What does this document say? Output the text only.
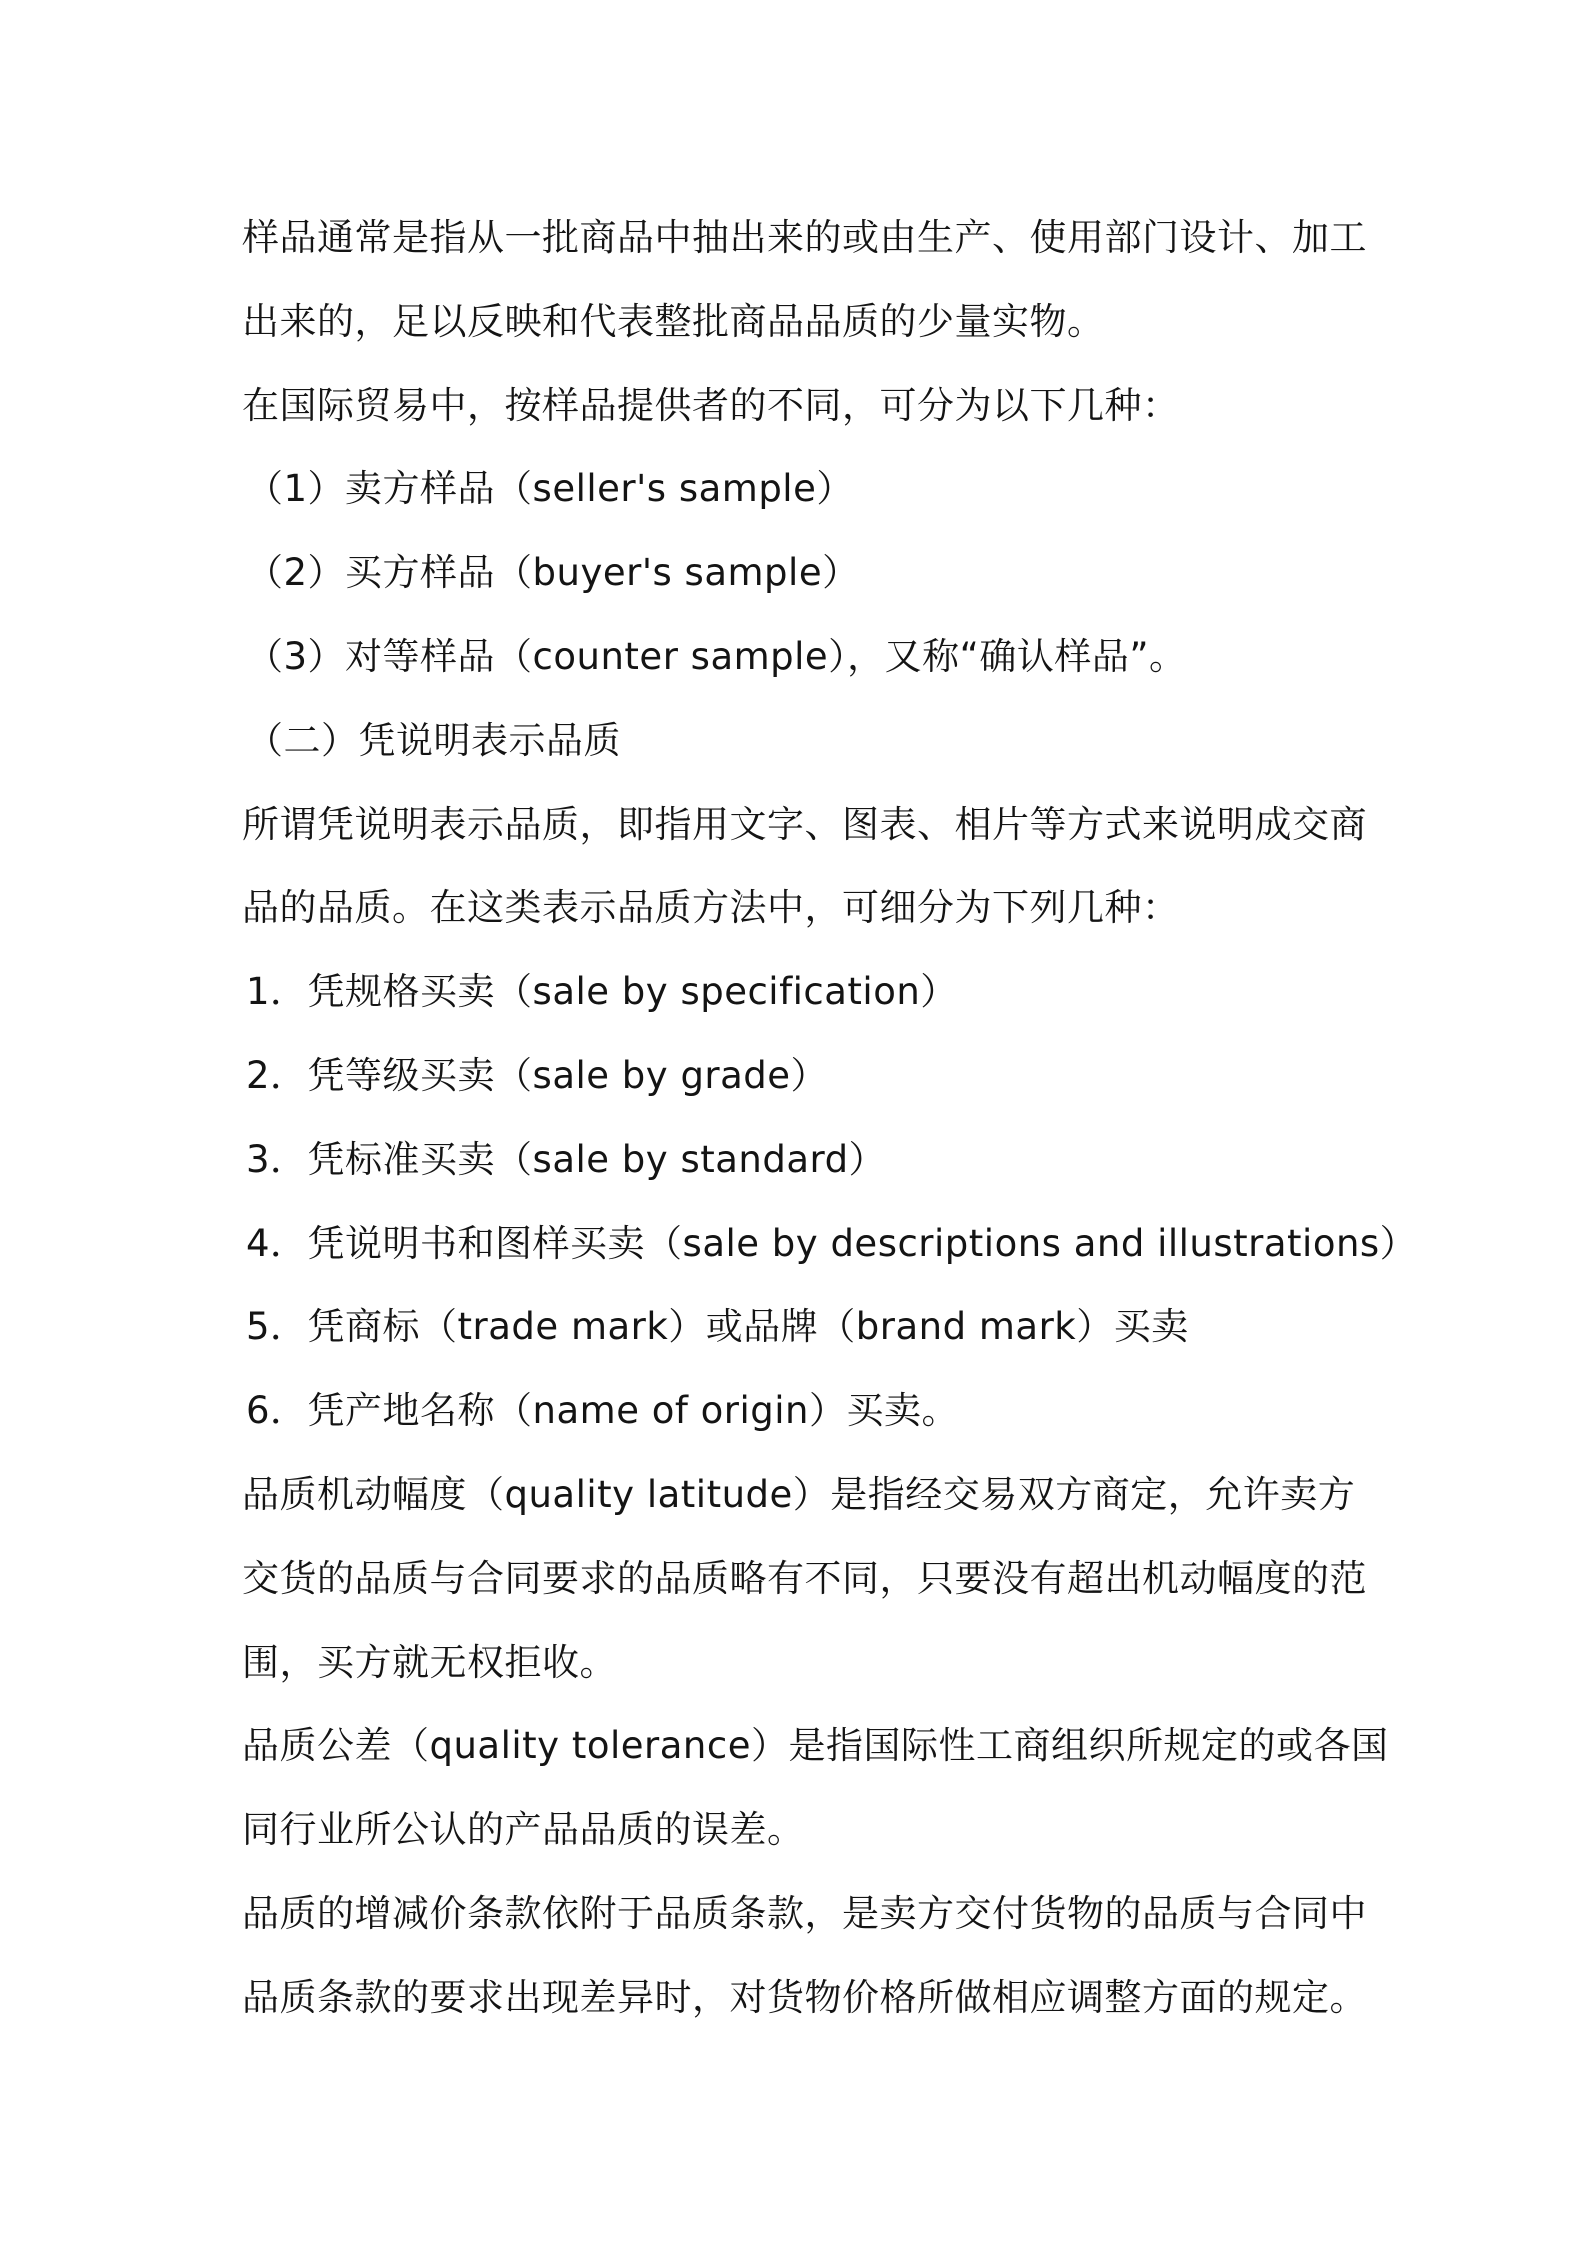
样品通常是指从一批商品中抽出来的或由生产、使用部门设计、加工
出来的，足以反映和代表整批商品品质的少量实物。
在国际贸易中，按样品提供者的不同，可分为以下几种：
（1）卖方样品（seller's sample）
（2）买方样品（buyer's sample）
（3）对等样品（counter sample），又称“确认样品”。
（二）凭说明表示品质
所谓凭说明表示品质，即指用文字、图表、相片等方式来说明成交商
品的品质。在这类表示品质方法中，可细分为下列几种：
1．凭规格买卖（sale by specification）
2．凭等级买卖（sale by grade）
3．凭标准买卖（sale by standard）
4．凭说明书和图样买卖（sale by descriptions and illustrations）
5．凭商标（trade mark）或品牌（brand mark）买卖
6．凭产地名称（name of origin）买卖。
品质机动幅度（quality latitude）是指经交易双方商定，允许卖方
交货的品质与合同要求的品质略有不同，只要没有超出机动幅度的范
围，买方就无权拒收。
品质公差（quality tolerance）是指国际性工商组织所规定的或各国
同行业所公认的产品品质的误差。
品质的增减价条款依附于品质条款，是卖方交付货物的品质与合同中
品质条款的要求出现差异时，对货物价格所做相应调整方面的规定。
